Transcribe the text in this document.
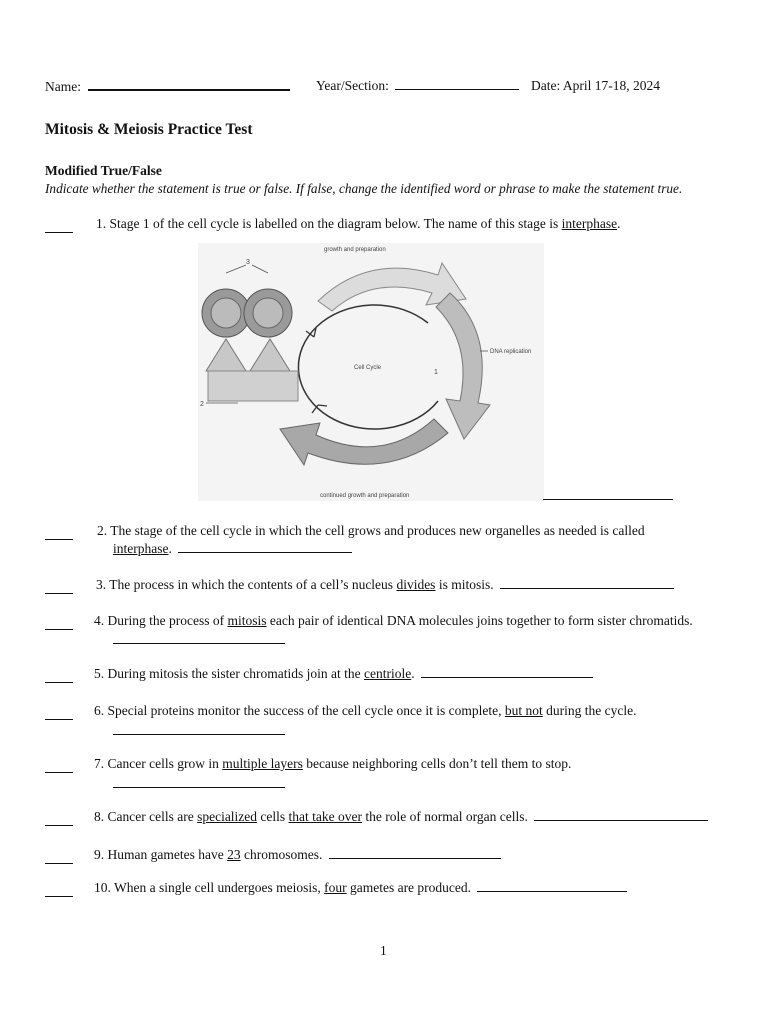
Name:	Year/Section:	Date: April 17-18, 2024
Mitosis & Meiosis Practice Test
Modified True/False
Indicate whether the statement is true or false. If false, change the identified word or phrase to make the statement true.
1. Stage 1 of the cell cycle is labelled on the diagram below. The name of this stage is interphase.
growth and preparation
DNA replication
continued growth and preparation
Cell Cycle
1
2
3
2. The stage of the cell cycle in which the cell grows and produces new organelles as needed is called
interphase.
3. The process in which the contents of a cell’s nucleus divides is mitosis.
4. During the process of mitosis each pair of identical DNA molecules joins together to form sister chromatids.
5. During mitosis the sister chromatids join at the centriole.
6. Special proteins monitor the success of the cell cycle once it is complete, but not during the cycle.
7. Cancer cells grow in multiple layers because neighboring cells don’t tell them to stop.
8. Cancer cells are specialized cells that take over the role of normal organ cells.
9. Human gametes have 23 chromosomes.
10. When a single cell undergoes meiosis, four gametes are produced.
1
